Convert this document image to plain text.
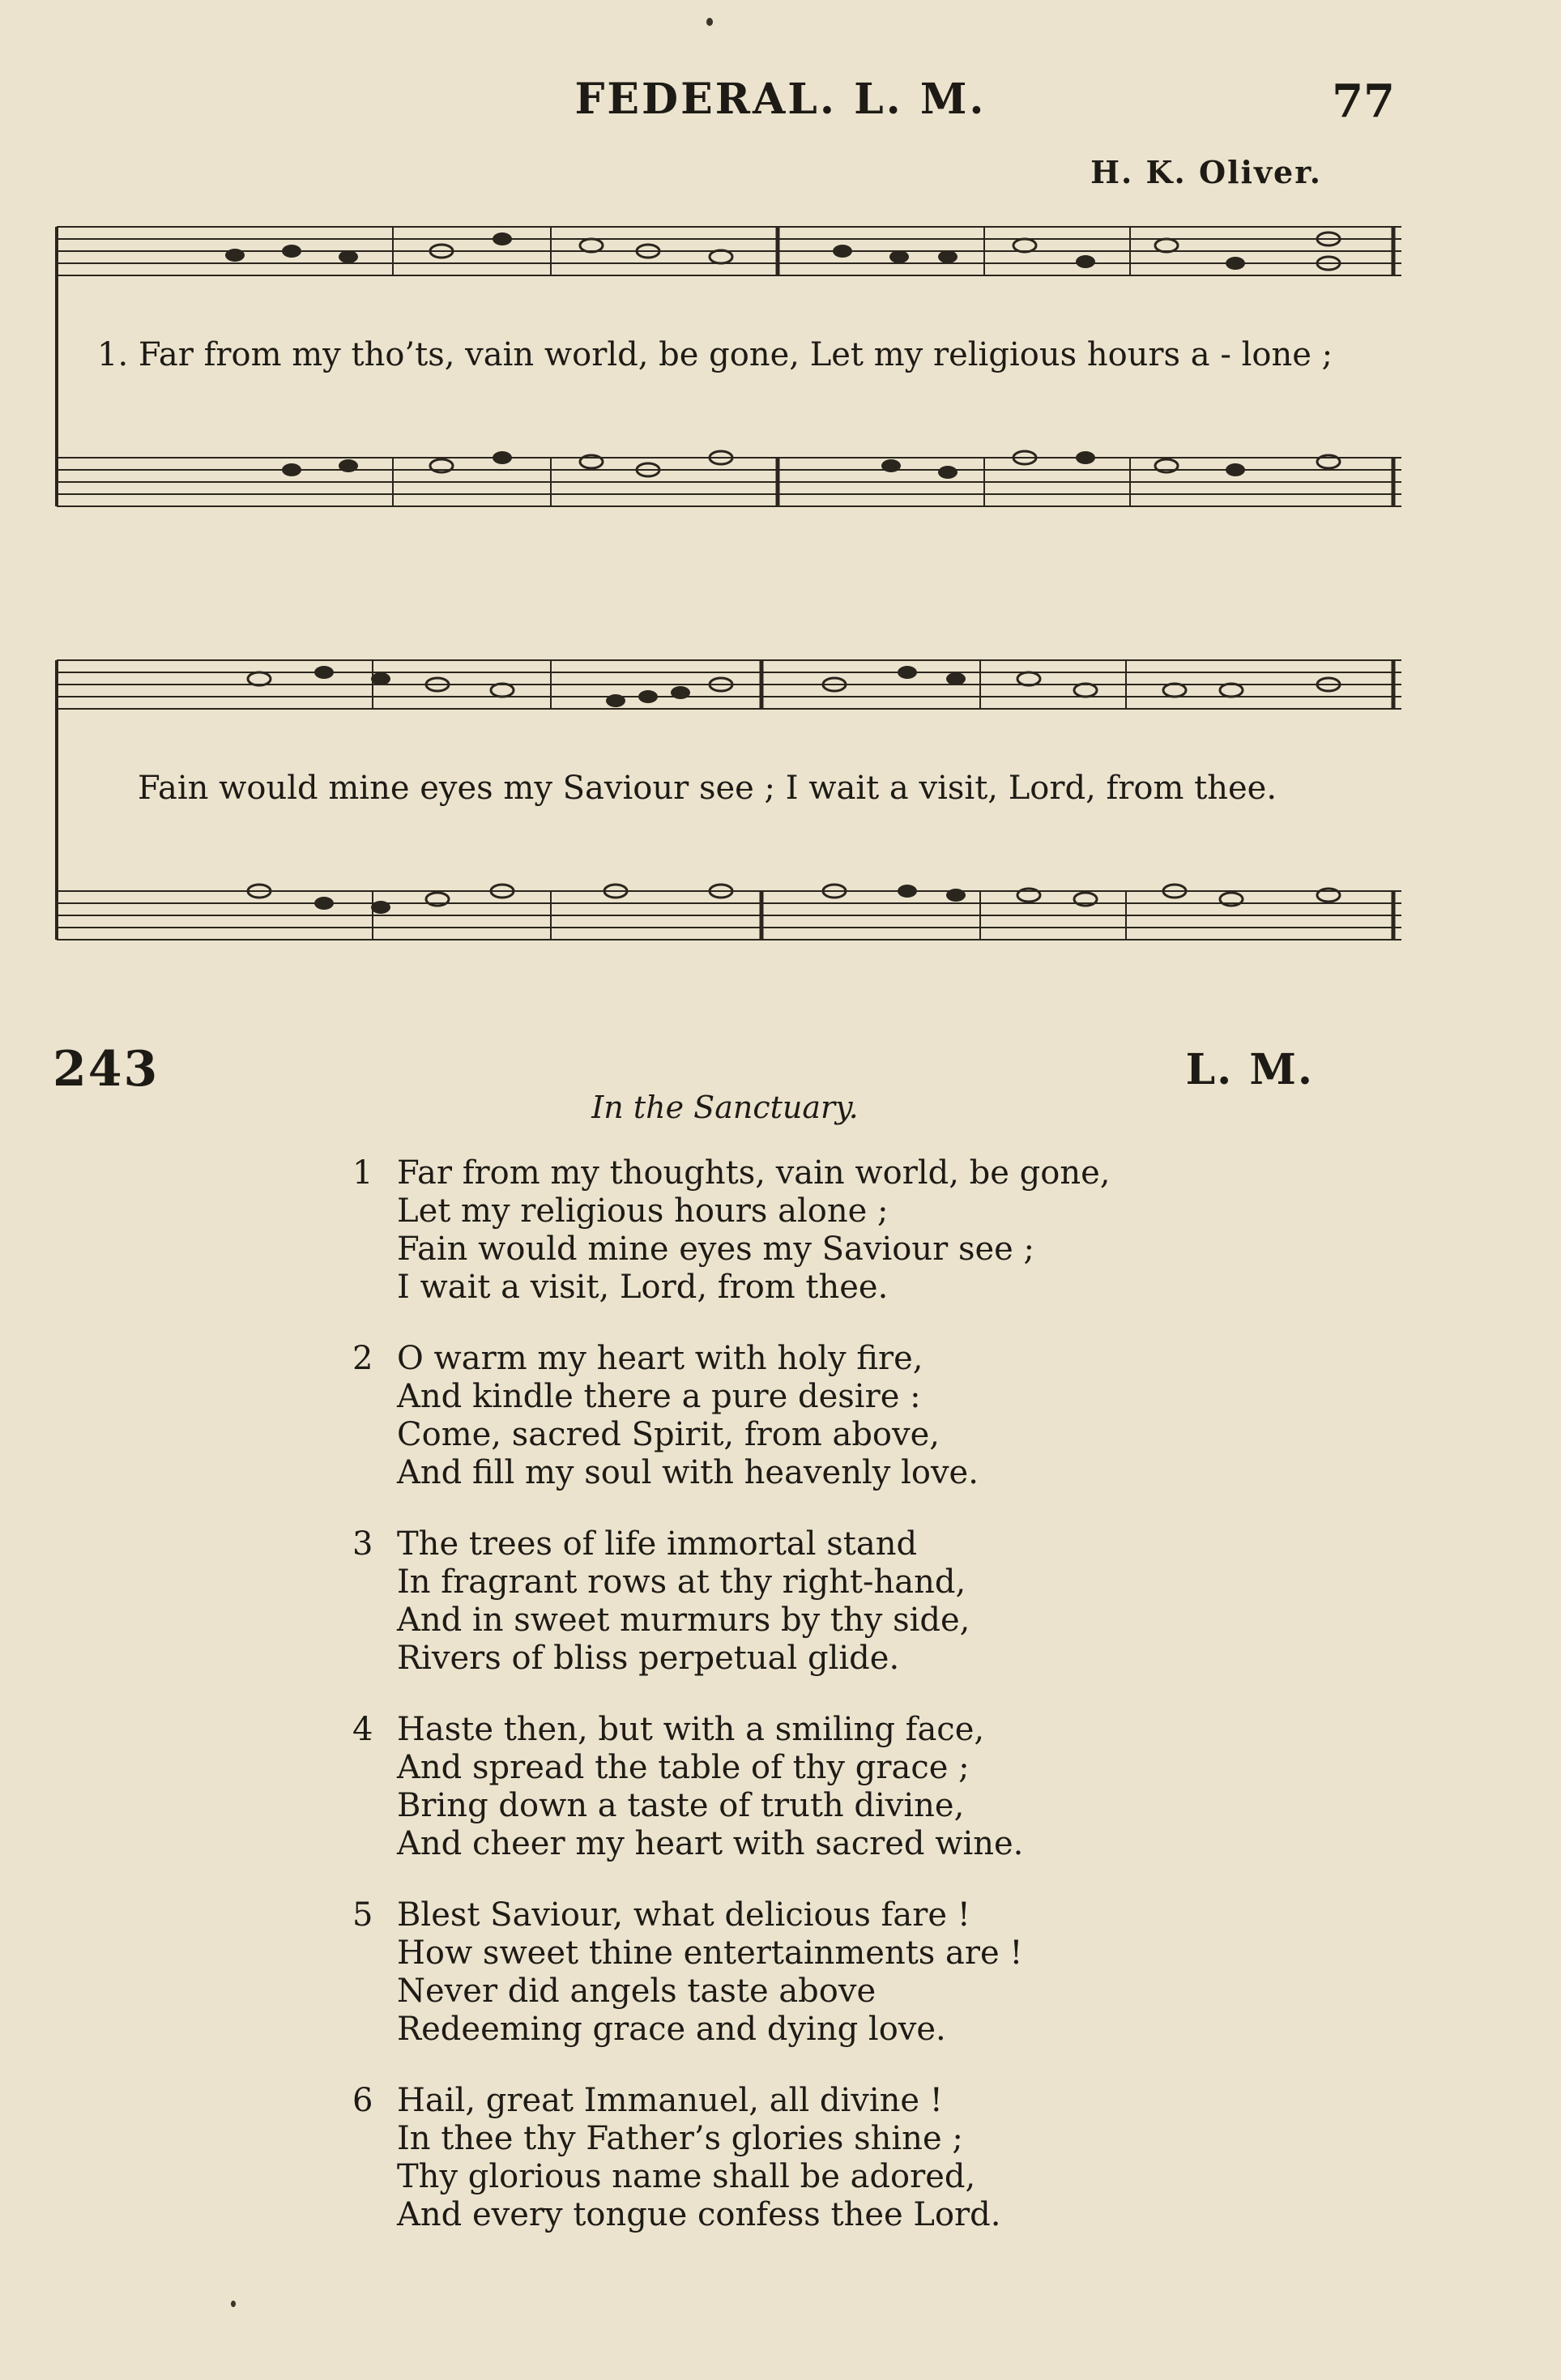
FEDERAL. L. M.	77
H. K. Oliver.
1. Far from my tho’ts, vain world, be gone, Let my religious hours a - lone ;
Fain would mine eyes my Saviour see ; I wait a visit, Lord, from thee.
243	L. M.
In the Sanctuary.
1 Far from my thoughts, vain world, be gone,
Let my religious hours alone ;
Fain would mine eyes my Saviour see ;
I wait a visit, Lord, from thee.
2 O warm my heart with holy fire,
And kindle there a pure desire :
Come, sacred Spirit, from above,
And fill my soul with heavenly love.
3 The trees of life immortal stand
In fragrant rows at thy right-hand,
And in sweet murmurs by thy side,
Rivers of bliss perpetual glide.
4 Haste then, but with a smiling face,
And spread the table of thy grace ;
Bring down a taste of truth divine,
And cheer my heart with sacred wine.
5 Blest Saviour, what delicious fare !
How sweet thine entertainments are !
Never did angels taste above
Redeeming grace and dying love.
6 Hail, great Immanuel, all divine !
In thee thy Father’s glories shine ;
Thy glorious name shall be adored,
And every tongue confess thee Lord.
